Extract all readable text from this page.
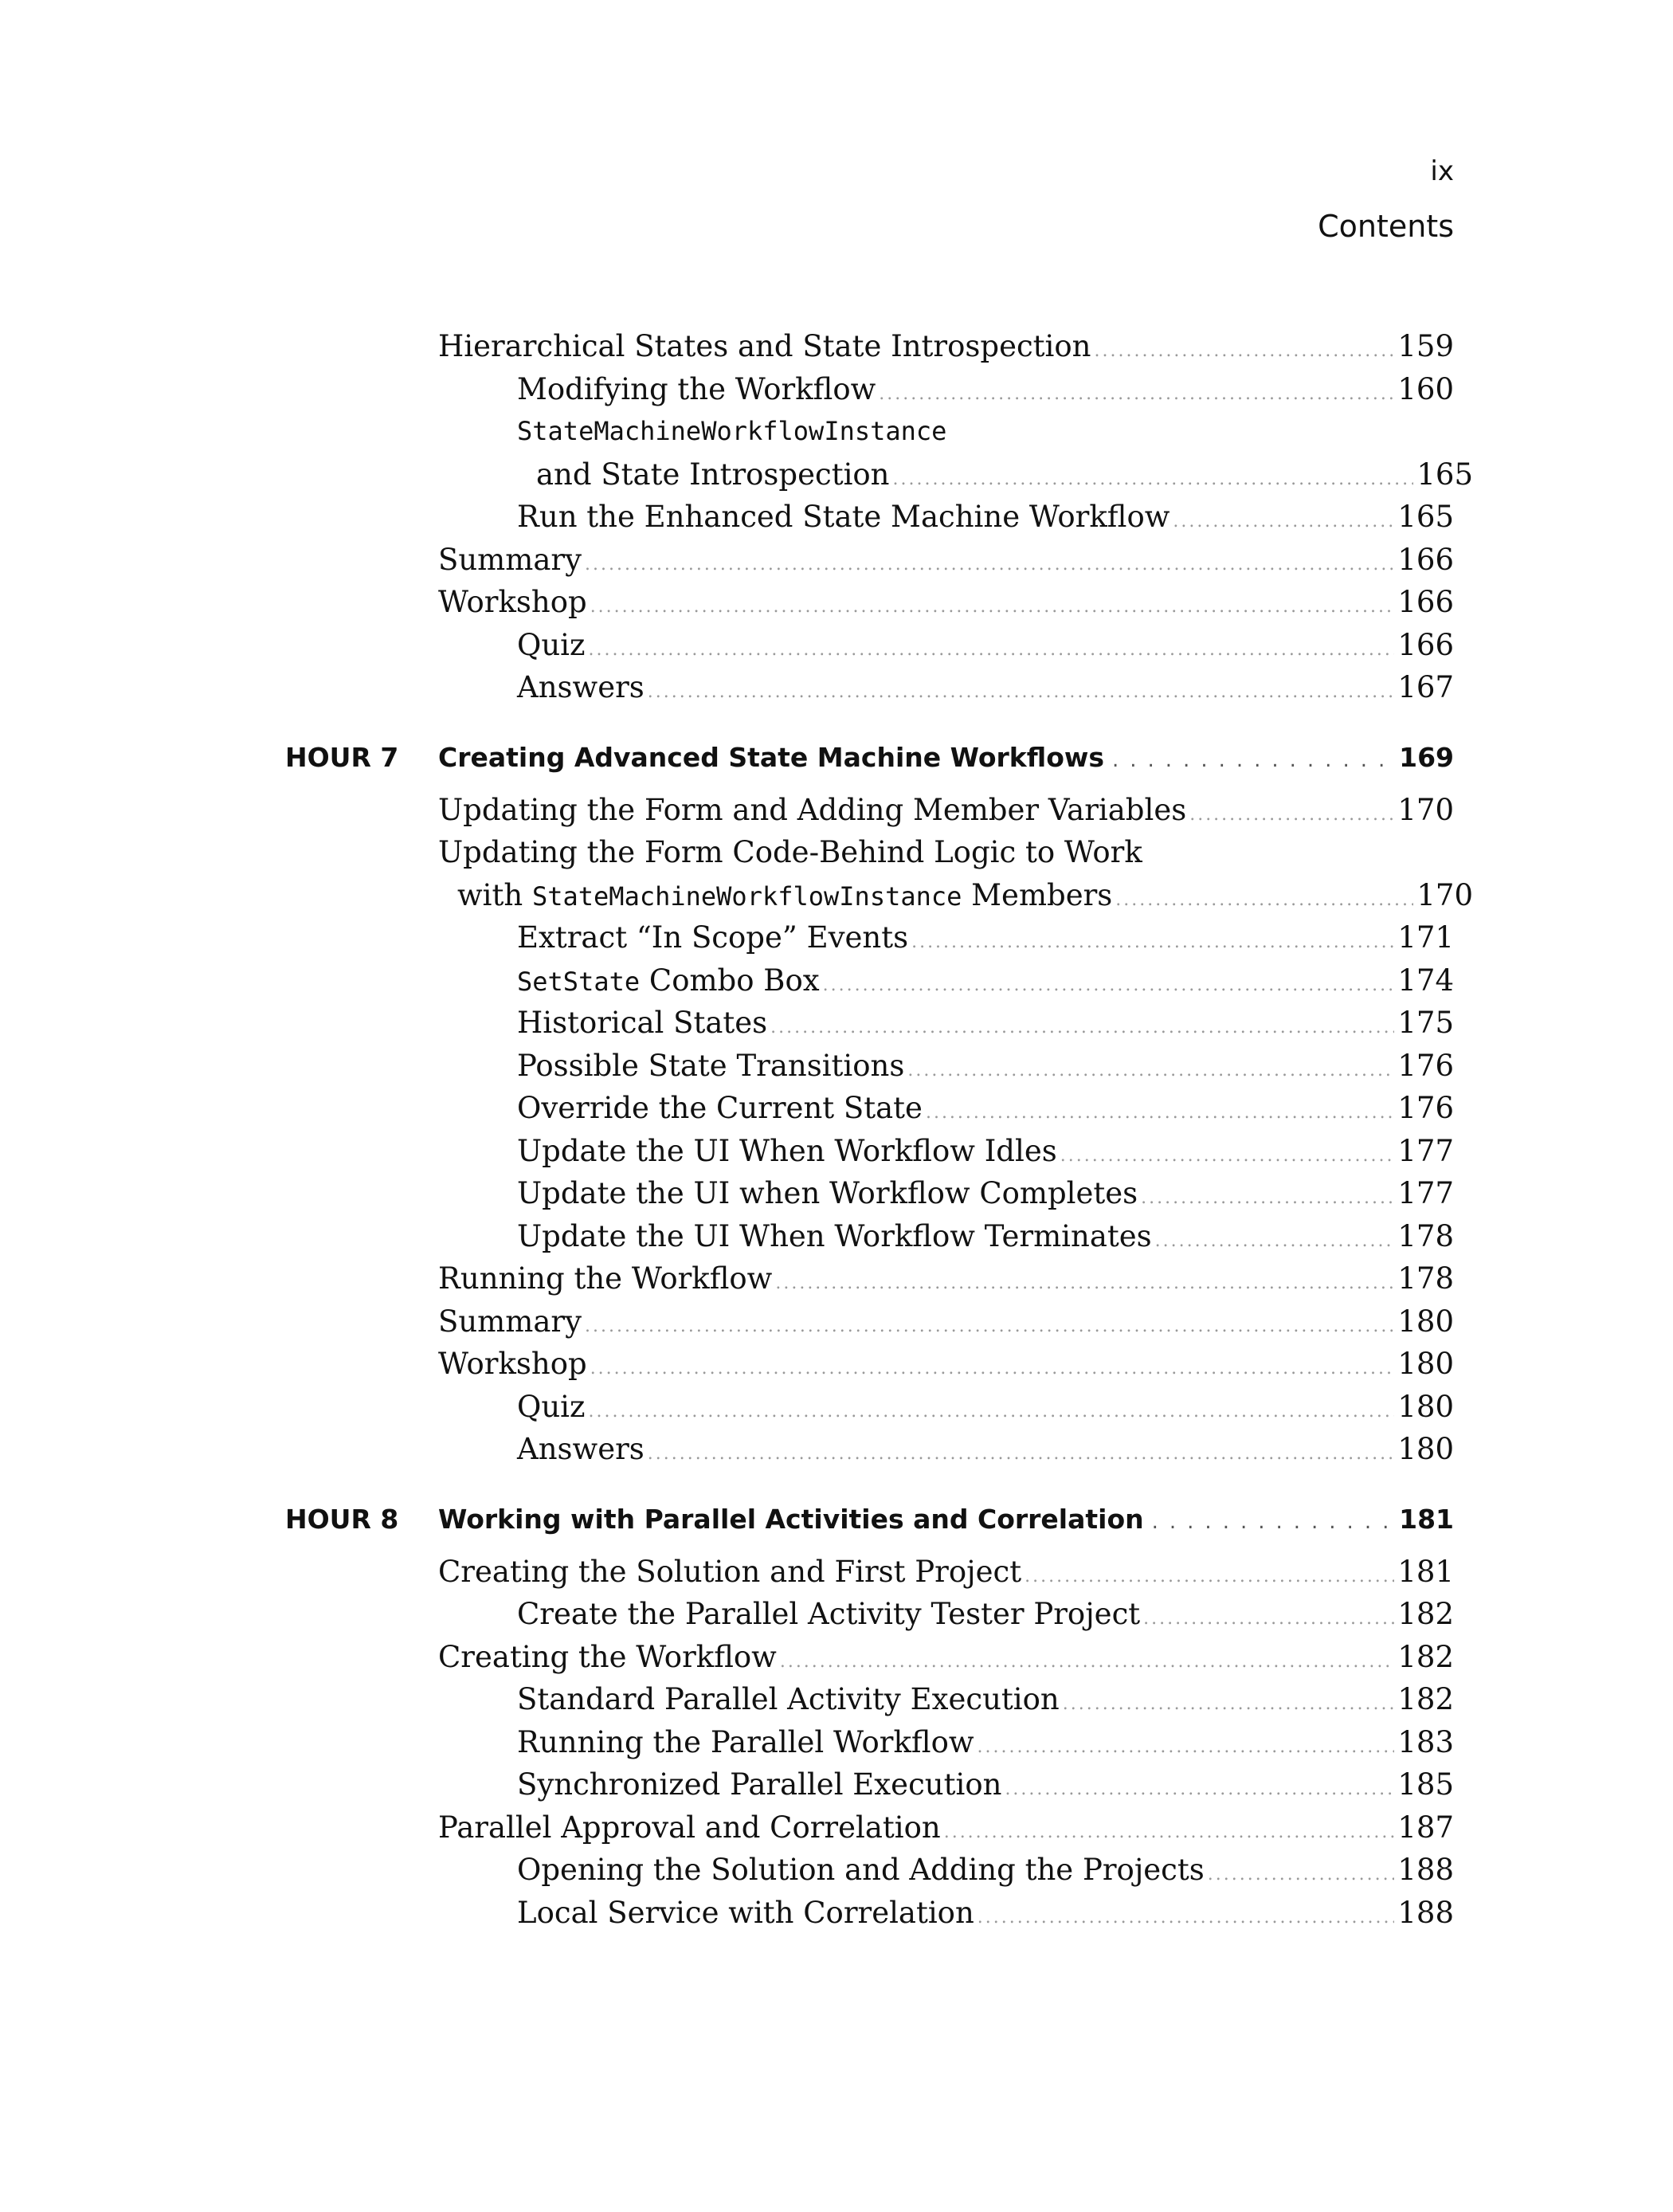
ix
Contents
Hierarchical States and State Introspection .....	159
Modifying the Workflow .....	160
StateMachineWorkflowInstance
and State Introspection .....	165
Run the Enhanced State Machine Workflow .....	165
Summary .....	166
Workshop .....	166
Quiz .....	166
Answers .....	167
HOUR 7	Creating Advanced State Machine Workflows .....	169
Updating the Form and Adding Member Variables .....	170
Updating the Form Code-Behind Logic to Work
with StateMachineWorkflowInstance Members .....	170
Extract “In Scope” Events .....	171
SetState Combo Box .....	174
Historical States .....	175
Possible State Transitions .....	176
Override the Current State .....	176
Update the UI When Workflow Idles .....	177
Update the UI when Workflow Completes .....	177
Update the UI When Workflow Terminates .....	178
Running the Workflow .....	178
Summary .....	180
Workshop .....	180
Quiz .....	180
Answers .....	180
HOUR 8	Working with Parallel Activities and Correlation .....	181
Creating the Solution and First Project .....	181
Create the Parallel Activity Tester Project .....	182
Creating the Workflow .....	182
Standard Parallel Activity Execution .....	182
Running the Parallel Workflow .....	183
Synchronized Parallel Execution .....	185
Parallel Approval and Correlation .....	187
Opening the Solution and Adding the Projects .....	188
Local Service with Correlation .....	188
